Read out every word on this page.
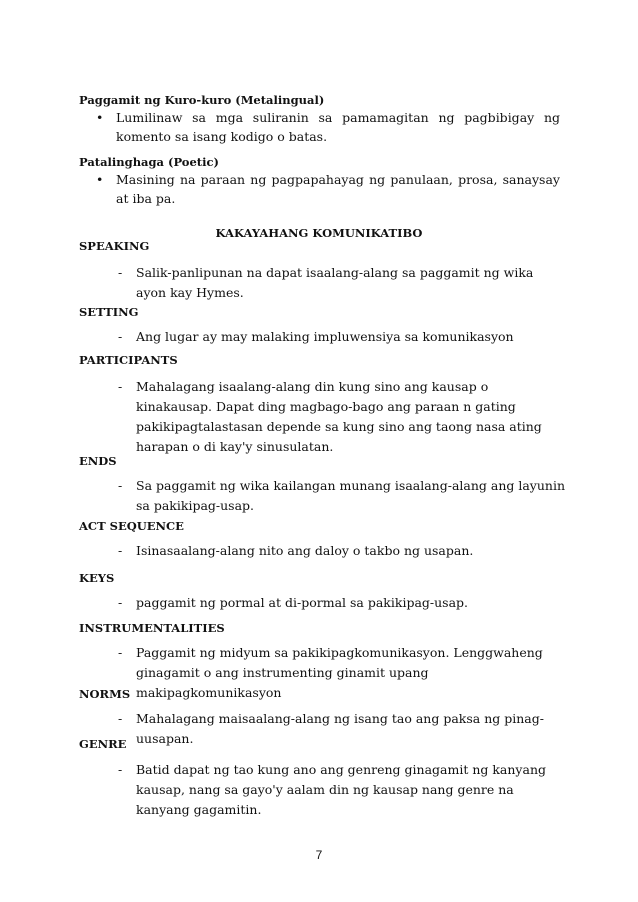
Paggamit ng Kuro-kuro (Metalingual)
• Lumilinaw sa mga suliranin sa pamamagitan ng pagbibigay ng komento sa isang kodigo o batas.
Patalinghaga (Poetic)
• Masining na paraan ng pagpapahayag ng panulaan, prosa, sanaysay at iba pa.
KAKAYAHANG KOMUNIKATIBO
SPEAKING
- Salik-panlipunan na dapat isaalang-alang sa paggamit ng wika ayon kay Hymes.
SETTING
- Ang lugar ay may malaking impluwensiya sa komunikasyon
PARTICIPANTS
- Mahalagang isaalang-alang din kung sino ang kausap o kinakausap. Dapat ding magbago-bago ang paraan n gating pakikipagtalastasan depende sa kung sino ang taong nasa ating harapan o di kay'y sinusulatan.
ENDS
- Sa paggamit ng wika kailangan munang isaalang-alang ang layunin sa pakikipag-usap.
ACT SEQUENCE
- Isinasaalang-alang nito ang daloy o takbo ng usapan.
KEYS
- paggamit ng pormal at di-pormal sa pakikipag-usap.
INSTRUMENTALITIES
- Paggamit ng midyum sa pakikipagkomunikasyon. Lenggwaheng ginagamit o ang instrumenting ginamit upang makipagkomunikasyon
NORMS
- Mahalagang maisaalang-alang ng isang tao ang paksa ng pinag-uusapan.
GENRE
- Batid dapat ng tao kung ano ang genreng ginagamit ng kanyang kausap, nang sa gayo'y aalam din ng kausap nang genre na kanyang gagamitin.
7
